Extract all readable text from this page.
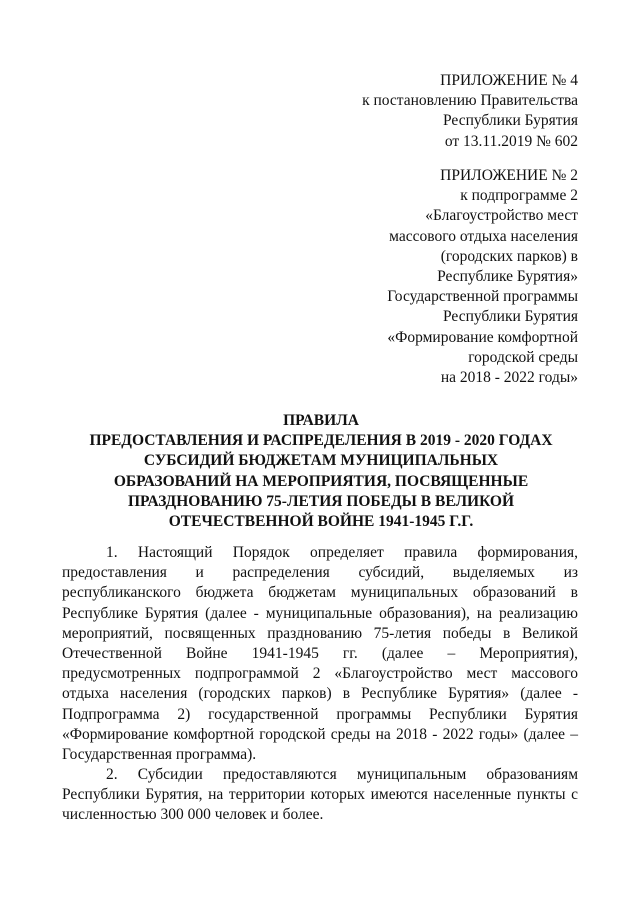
ПРИЛОЖЕНИЕ № 4
к постановлению Правительства
Республики Бурятия
от 13.11.2019 № 602
ПРИЛОЖЕНИЕ № 2
к подпрограмме 2
«Благоустройство мест
массового отдыха населения
(городских парков) в
Республике Бурятия»
Государственной программы
Республики Бурятия
«Формирование комфортной
городской среды
на 2018 - 2022 годы»
ПРАВИЛА
ПРЕДОСТАВЛЕНИЯ И РАСПРЕДЕЛЕНИЯ В 2019 - 2020 ГОДАХ
СУБСИДИЙ БЮДЖЕТАМ МУНИЦИПАЛЬНЫХ
ОБРАЗОВАНИЙ НА МЕРОПРИЯТИЯ, ПОСВЯЩЕННЫЕ
ПРАЗДНОВАНИЮ 75-ЛЕТИЯ ПОБЕДЫ В ВЕЛИКОЙ
ОТЕЧЕСТВЕННОЙ ВОЙНЕ 1941-1945 Г.Г.
1. Настоящий Порядок определяет правила формирования,
предоставления и распределения субсидий, выделяемых из
республиканского бюджета бюджетам муниципальных образований в
Республике Бурятия (далее - муниципальные образования), на реализацию
мероприятий, посвященных празднованию 75-летия победы в Великой
Отечественной Войне 1941-1945 гг. (далее – Мероприятия),
предусмотренных подпрограммой 2 «Благоустройство мест массового
отдыха населения (городских парков) в Республике Бурятия» (далее -
Подпрограмма 2) государственной программы Республики Бурятия
«Формирование комфортной городской среды на 2018 - 2022 годы» (далее –
Государственная программа).
2. Субсидии предоставляются муниципальным образованиям
Республики Бурятия, на территории которых имеются населенные пункты с
численностью 300 000 человек и более.
